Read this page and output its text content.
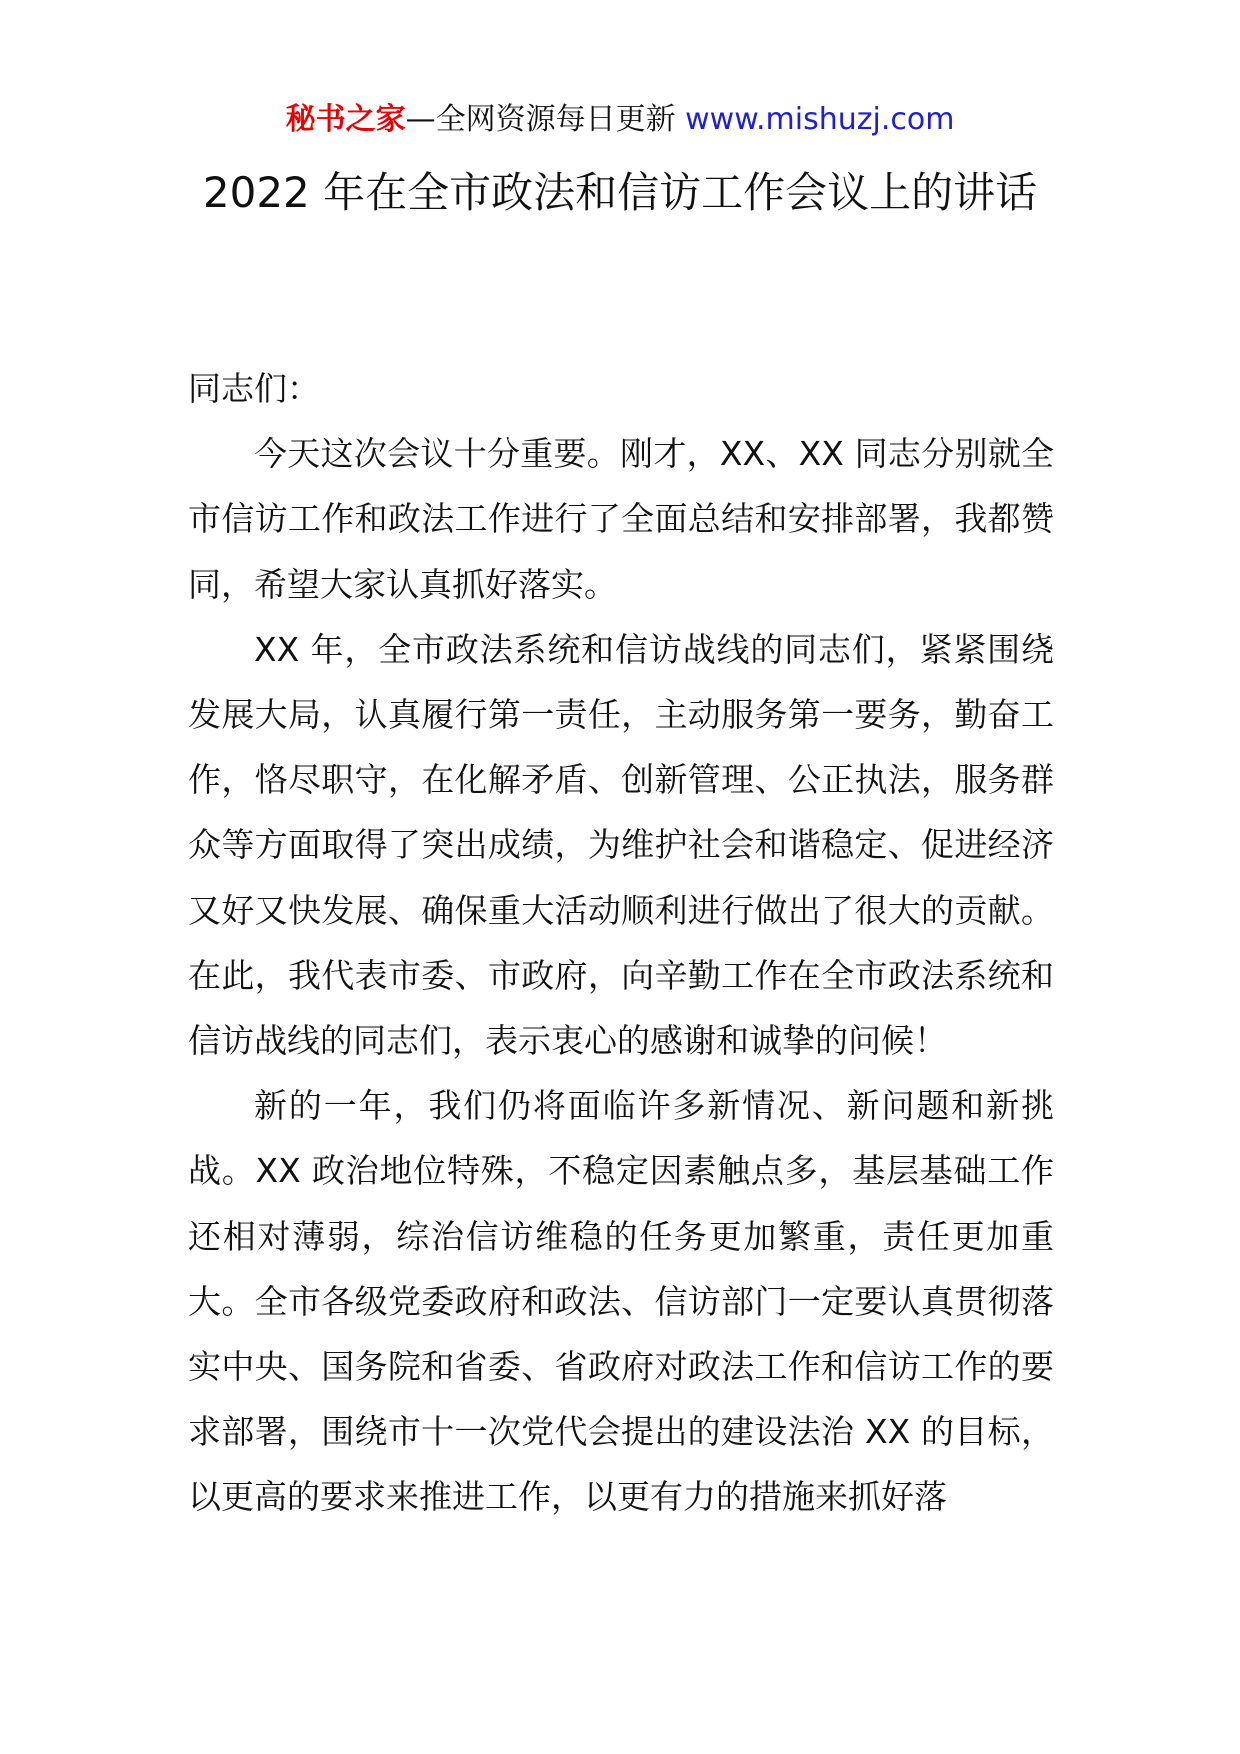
秘书之家—全网资源每日更新 www.mishuzj.com
2022 年在全市政法和信访工作会议上的讲话

同志们：

今天这次会议十分重要。刚才，XX、XX 同志分别就全市信访工作和政法工作进行了全面总结和安排部署，我都赞同，希望大家认真抓好落实。

XX 年，全市政法系统和信访战线的同志们，紧紧围绕发展大局，认真履行第一责任，主动服务第一要务，勤奋工作，恪尽职守，在化解矛盾、创新管理、公正执法，服务群众等方面取得了突出成绩，为维护社会和谐稳定、促进经济又好又快发展、确保重大活动顺利进行做出了很大的贡献。在此，我代表市委、市政府，向辛勤工作在全市政法系统和信访战线的同志们，表示衷心的感谢和诚挚的问候！

新的一年，我们仍将面临许多新情况、新问题和新挑战。XX 政治地位特殊，不稳定因素触点多，基层基础工作还相对薄弱，综治信访维稳的任务更加繁重，责任更加重大。全市各级党委政府和政法、信访部门一定要认真贯彻落实中央、国务院和省委、省政府对政法工作和信访工作的要求部署，围绕市十一次党代会提出的建设法治 XX 的目标，以更高的要求来推进工作，以更有力的措施来抓好落
